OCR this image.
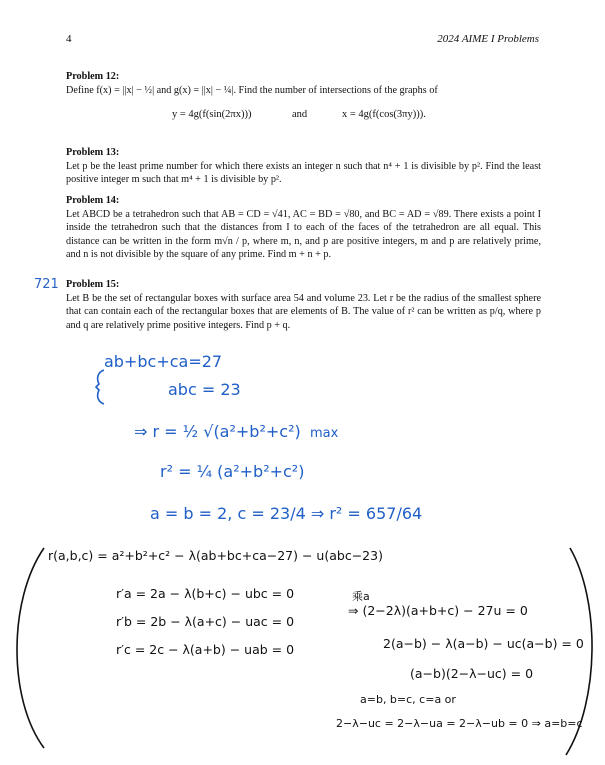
4	2024 AIME I Problems
Problem 12:
Define f(x) = ||x| − ½| and g(x) = ||x| − ¼|. Find the number of intersections of the graphs of
y = 4g(f(sin(2πx)))	and	x = 4g(f(cos(3πy))).
Problem 13:
Let p be the least prime number for which there exists an integer n such that n⁴ + 1 is divisible by p². Find the least positive integer m such that m⁴ + 1 is divisible by p².
Problem 14:
Let ABCD be a tetrahedron such that AB = CD = √41, AC = BD = √80, and BC = AD = √89. There exists a point I inside the tetrahedron such that the distances from I to each of the faces of the tetrahedron are all equal. This distance can be written in the form m√n / p, where m, n, and p are positive integers, m and p are relatively prime, and n is not divisible by the square of any prime. Find m + n + p.
721 Problem 15:
Let B be the set of rectangular boxes with surface area 54 and volume 23. Let r be the radius of the smallest sphere that can contain each of the rectangular boxes that are elements of B. The value of r² can be written as p/q, where p and q are relatively prime positive integers. Find p + q.
ab+bc+ca=27
abc = 23
⇒ r = ½ √(a²+b²+c²) max
r² = ¼ (a²+b²+c²)
a = b = 2, c = 23/4 ⇒ r² = 657/64
r(a,b,c) = a²+b²+c² − λ(ab+bc+ca−27) − u(abc−23)
r′a = 2a − λ(b+c) − ubc = 0
r′b = 2b − λ(a+c) − uac = 0
r′c = 2c − λ(a+b) − uab = 0
乘a
⇒ (2−2λ)(a+b+c) − 27u = 0
2(a−b) − λ(a−b) − uc(a−b) = 0
(a−b)(2−λ−uc) = 0
a=b, b=c, c=a or
2−λ−uc = 2−λ−ua = 2−λ−ub = 0 ⇒ a=b=c
